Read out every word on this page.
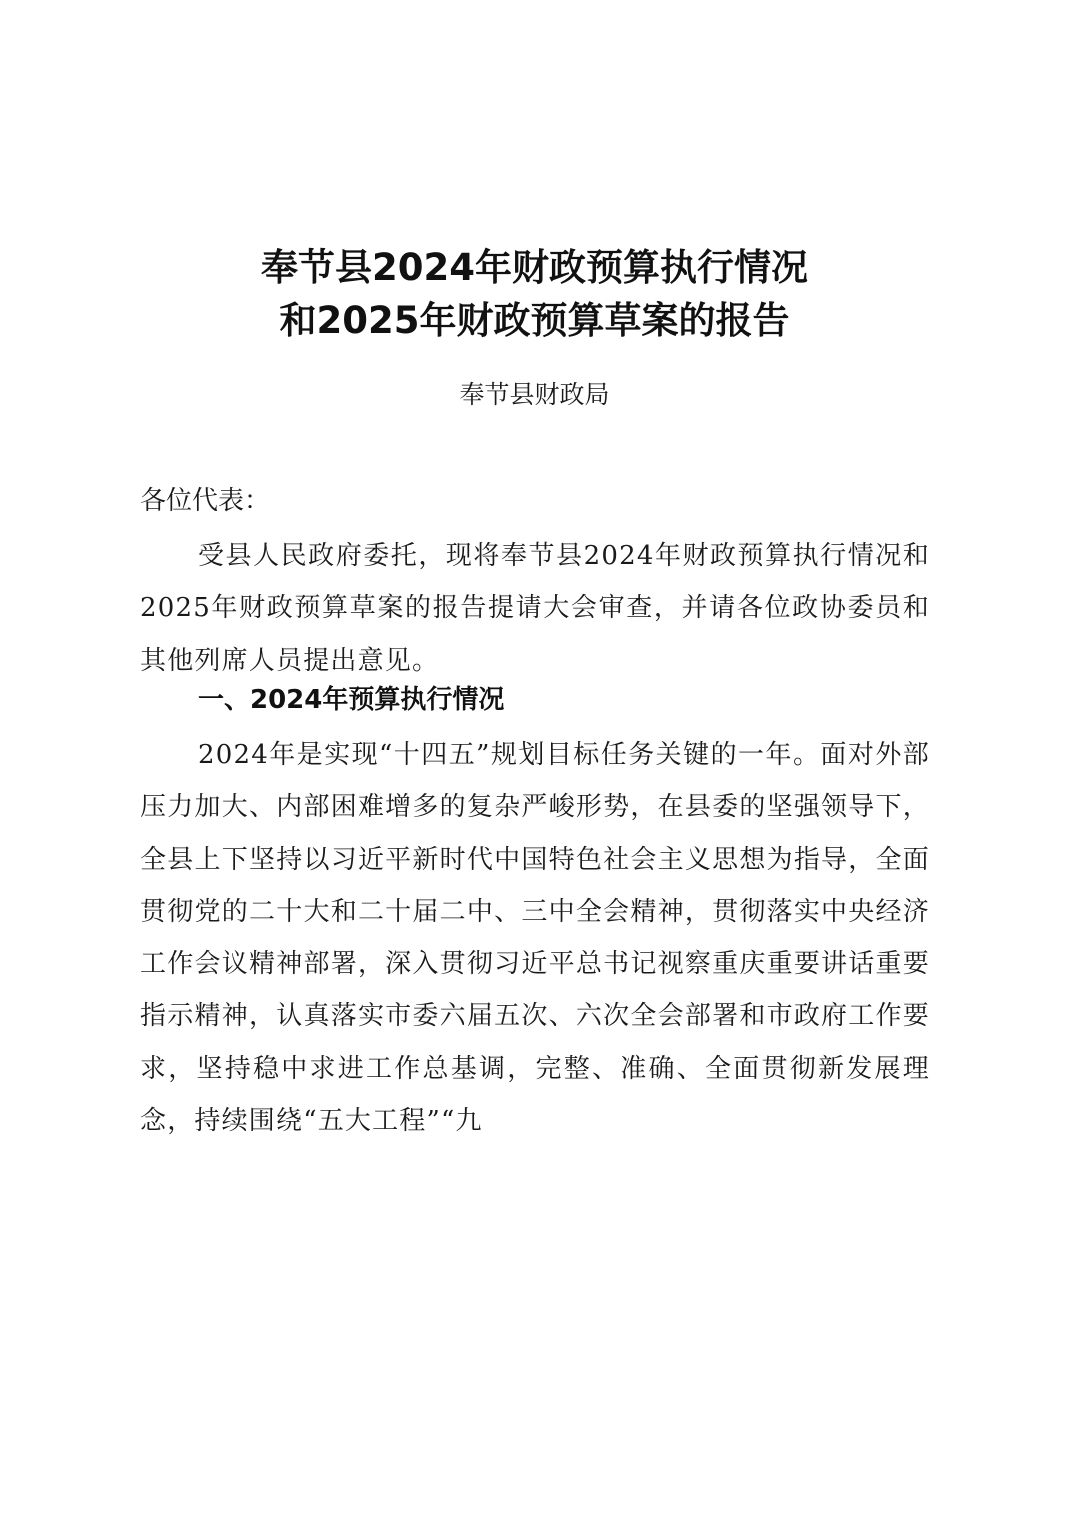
奉节县2024年财政预算执行情况
和2025年财政预算草案的报告
奉节县财政局
各位代表：
受县人民政府委托，现将奉节县2024年财政预算执行情况和2025年财政预算草案的报告提请大会审查，并请各位政协委员和其他列席人员提出意见。
一、2024年预算执行情况
2024年是实现“十四五”规划目标任务关键的一年。面对外部压力加大、内部困难增多的复杂严峻形势，在县委的坚强领导下，全县上下坚持以习近平新时代中国特色社会主义思想为指导，全面贯彻党的二十大和二十届二中、三中全会精神，贯彻落实中央经济工作会议精神部署，深入贯彻习近平总书记视察重庆重要讲话重要指示精神，认真落实市委六届五次、六次全会部署和市政府工作要求，坚持稳中求进工作总基调，完整、准确、全面贯彻新发展理念，持续围绕“五大工程”“九
